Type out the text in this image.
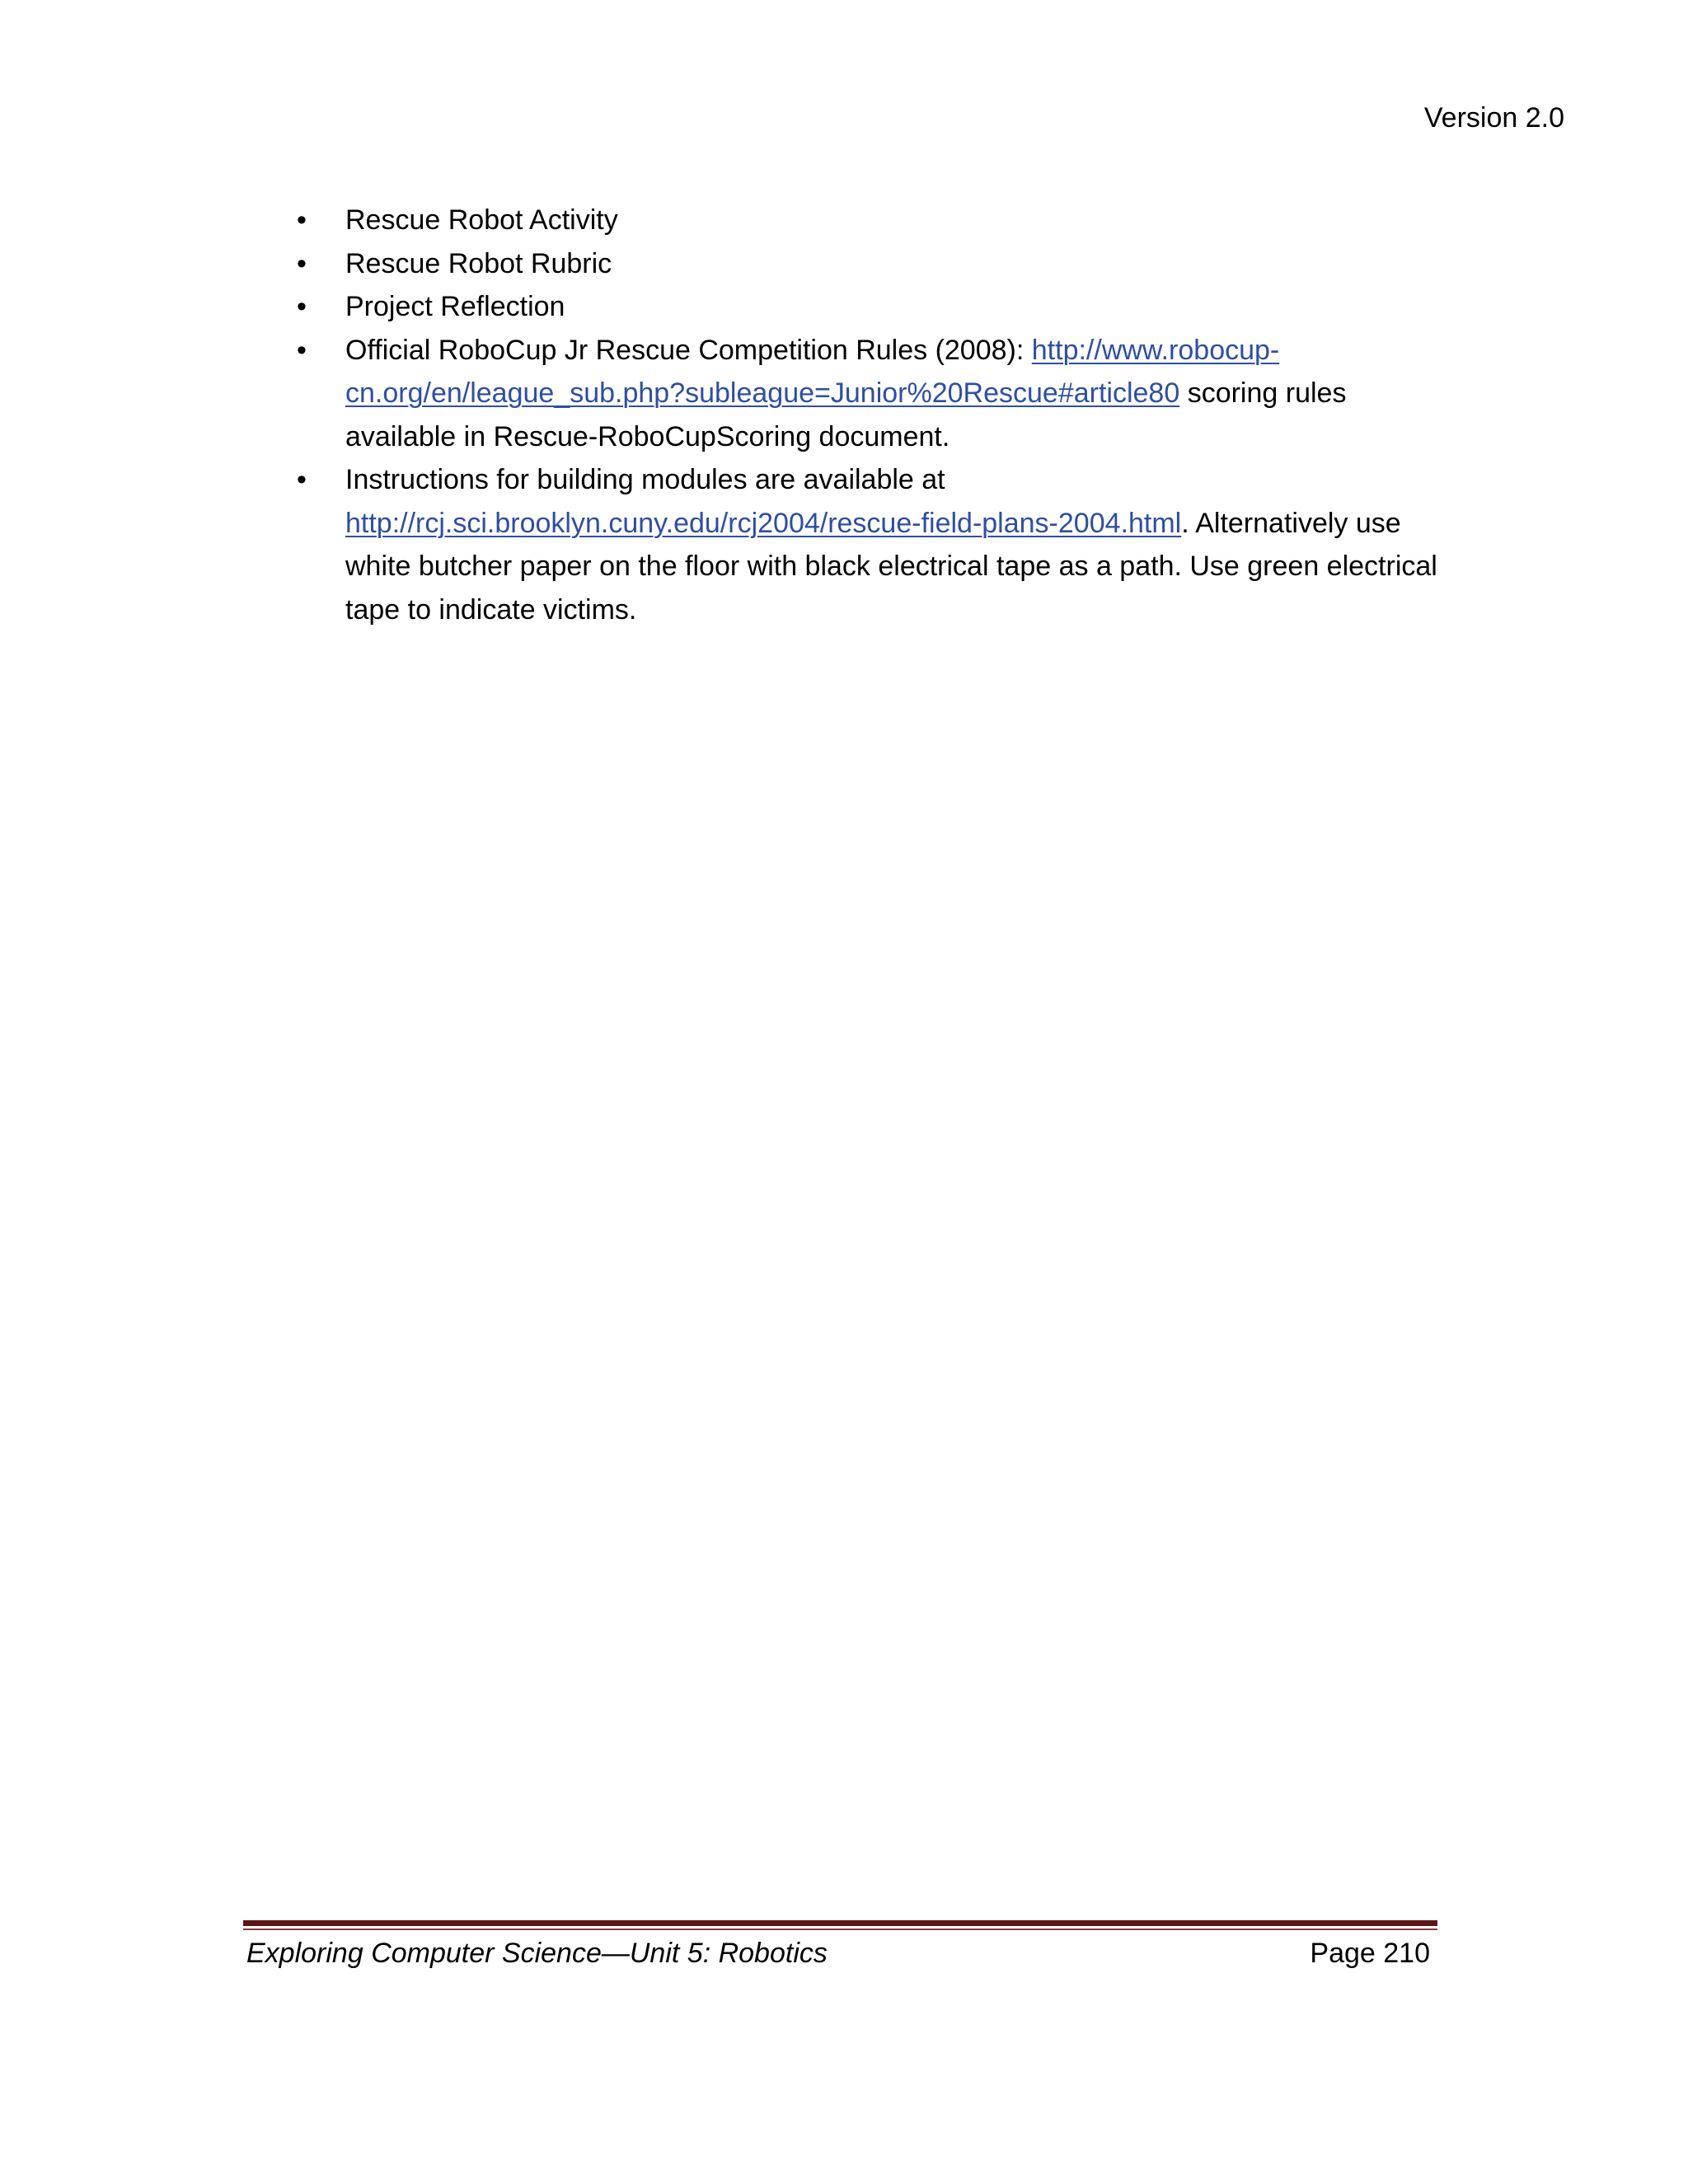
Version 2.0
• Rescue Robot Activity
• Rescue Robot Rubric
• Project Reflection
• Official RoboCup Jr Rescue Competition Rules (2008): http://www.robocup-cn.org/en/league_sub.php?subleague=Junior%20Rescue#article80 scoring rules available in Rescue-RoboCupScoring document.
• Instructions for building modules are available at http://rcj.sci.brooklyn.cuny.edu/rcj2004/rescue-field-plans-2004.html. Alternatively use white butcher paper on the floor with black electrical tape as a path. Use green electrical tape to indicate victims.
Exploring Computer Science—Unit 5: Robotics	Page 210
